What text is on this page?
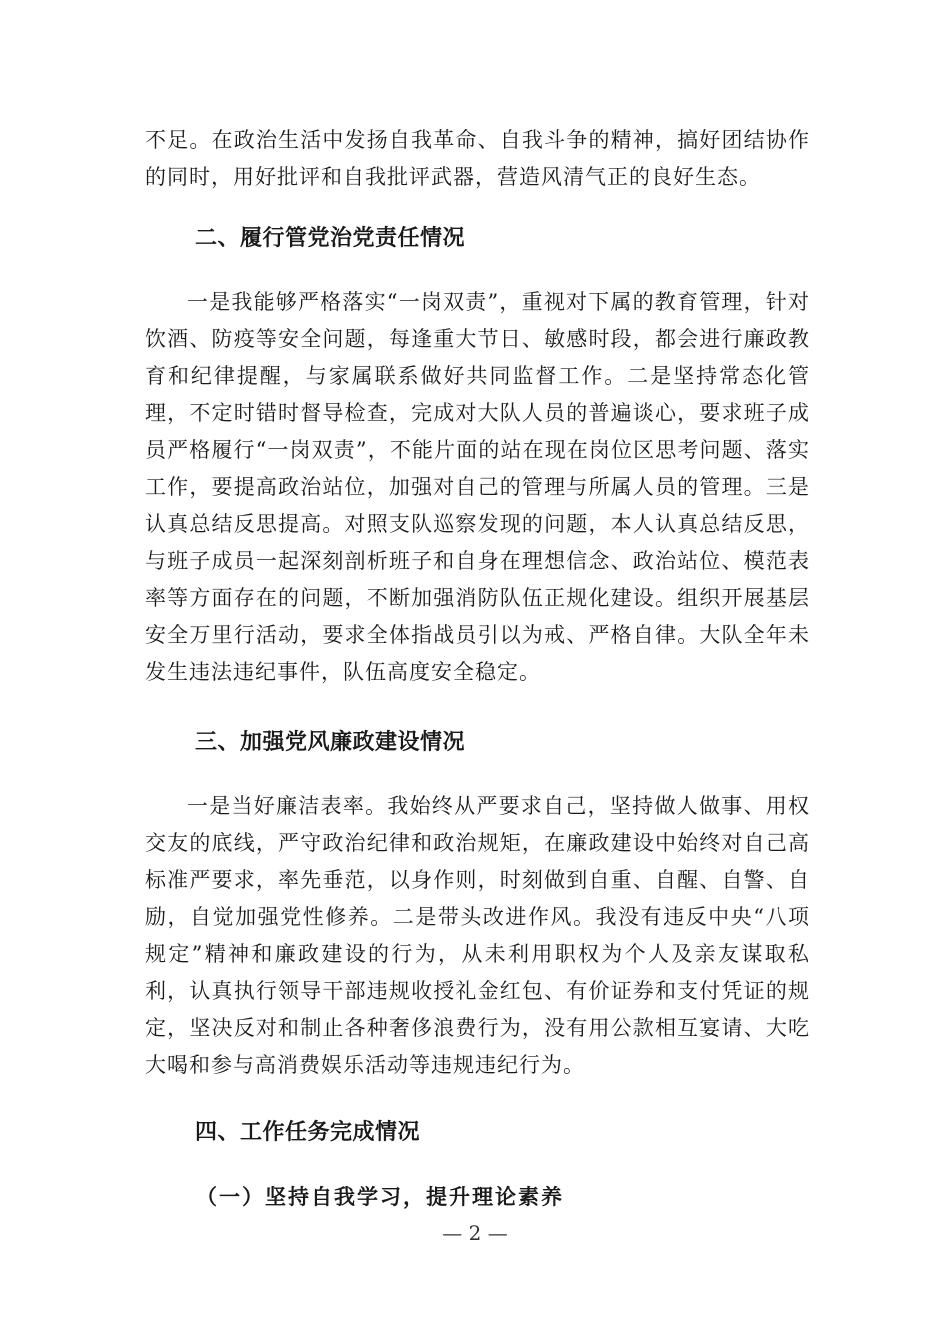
不足。在政治生活中发扬自我革命、自我斗争的精神，搞好团结协作的同时，用好批评和自我批评武器，营造风清气正的良好生态。

二、履行管党治党责任情况

一是我能够严格落实“一岗双责”，重视对下属的教育管理，针对饮酒、防疫等安全问题，每逢重大节日、敏感时段，都会进行廉政教育和纪律提醒，与家属联系做好共同监督工作。二是坚持常态化管理，不定时错时督导检查，完成对大队人员的普遍谈心，要求班子成员严格履行“一岗双责”，不能片面的站在现在岗位区思考问题、落实工作，要提高政治站位，加强对自己的管理与所属人员的管理。三是认真总结反思提高。对照支队巡察发现的问题，本人认真总结反思，与班子成员一起深刻剖析班子和自身在理想信念、政治站位、模范表率等方面存在的问题，不断加强消防队伍正规化建设。组织开展基层安全万里行活动，要求全体指战员引以为戒、严格自律。大队全年未发生违法违纪事件，队伍高度安全稳定。

三、加强党风廉政建设情况

一是当好廉洁表率。我始终从严要求自己，坚持做人做事、用权交友的底线，严守政治纪律和政治规矩，在廉政建设中始终对自己高标准严要求，率先垂范，以身作则，时刻做到自重、自醒、自警、自励，自觉加强党性修养。二是带头改进作风。我没有违反中央“八项规定”精神和廉政建设的行为，从未利用职权为个人及亲友谋取私利，认真执行领导干部违规收授礼金红包、有价证券和支付凭证的规定，坚决反对和制止各种奢侈浪费行为，没有用公款相互宴请、大吃大喝和参与高消费娱乐活动等违规违纪行为。

四、工作任务完成情况
（一）坚持自我学习，提升理论素养
— 2 —
